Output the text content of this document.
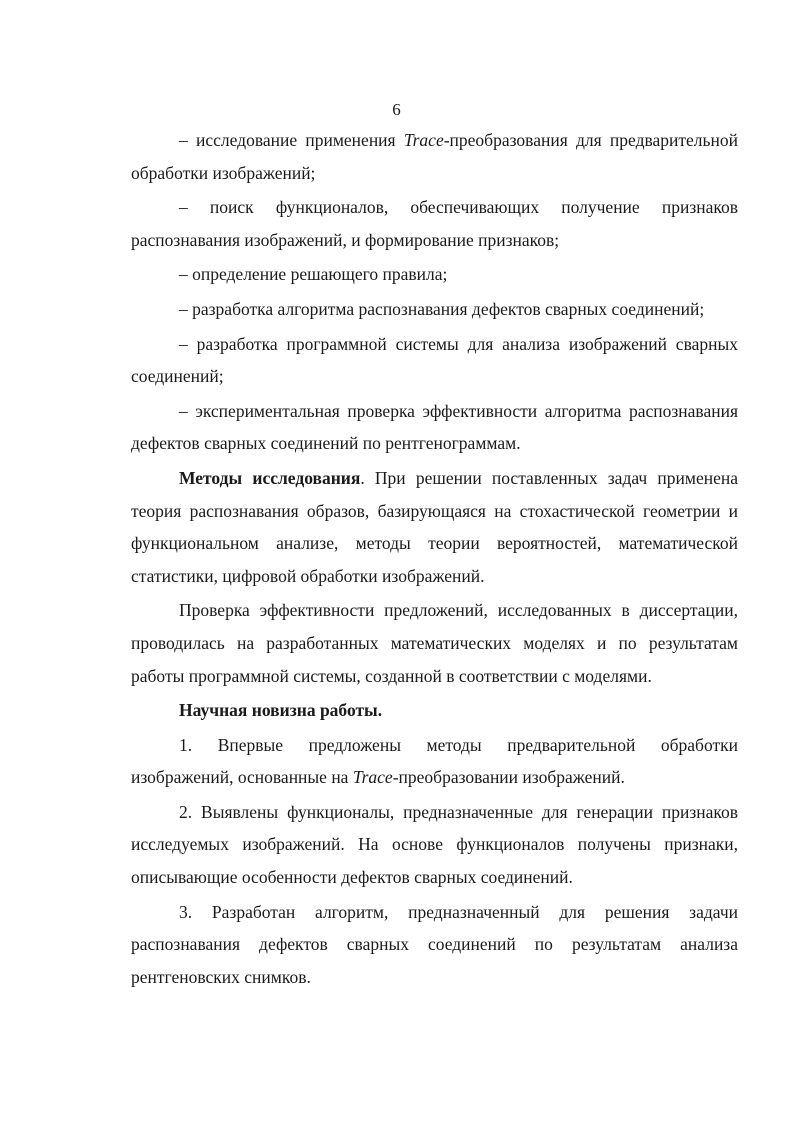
6

– исследование применения Trace-преобразования для предварительной обработки изображений;

– поиск функционалов, обеспечивающих получение признаков распознавания изображений, и формирование признаков;

– определение решающего правила;

– разработка алгоритма распознавания дефектов сварных соединений;

– разработка программной системы для анализа изображений сварных соединений;

– экспериментальная проверка эффективности алгоритма распознавания дефектов сварных соединений по рентгенограммам.

Методы исследования. При решении поставленных задач применена теория распознавания образов, базирующаяся на стохастической геометрии и функциональном анализе, методы теории вероятностей, математической статистики, цифровой обработки изображений.

Проверка эффективности предложений, исследованных в диссертации, проводилась на разработанных математических моделях и по результатам работы программной системы, созданной в соответствии с моделями.

Научная новизна работы.

1. Впервые предложены методы предварительной обработки изображений, основанные на Trace-преобразовании изображений.

2. Выявлены функционалы, предназначенные для генерации признаков исследуемых изображений. На основе функционалов получены признаки, описывающие особенности дефектов сварных соединений.

3. Разработан алгоритм, предназначенный для решения задачи распознавания дефектов сварных соединений по результатам анализа рентгеновских снимков.
